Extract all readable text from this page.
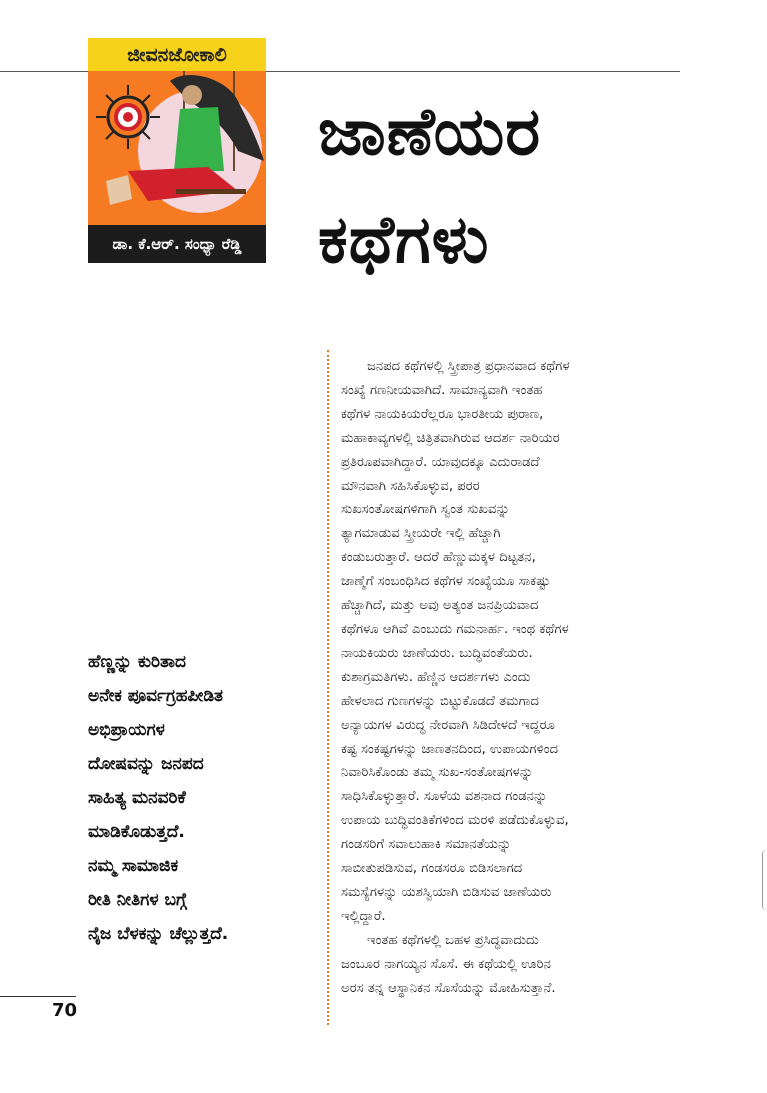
ಜೀವನಜೋಕಾಲಿ
ಡಾ. ಕೆ.ಆರ್. ಸಂಧ್ಯಾ ರೆಡ್ಡಿ
ಜಾಣೆಯರ
ಕಥೆಗಳು
ಹೆಣ್ಣನ್ನು ಕುರಿತಾದ
ಅನೇಕ ಪೂರ್ವಗ್ರಹಪೀಡಿತ
ಅಭಿಪ್ರಾಯಗಳ
ದೋಷವನ್ನು ಜನಪದ
ಸಾಹಿತ್ಯ ಮನವರಿಕೆ
ಮಾಡಿಕೊಡುತ್ತದೆ.
ನಮ್ಮ ಸಾಮಾಜಿಕ
ರೀತಿ ನೀತಿಗಳ ಬಗ್ಗೆ
ನೈಜ ಬೆಳಕನ್ನು ಚೆಲ್ಲುತ್ತದೆ.
ಜನಪದ ಕಥೆಗಳಲ್ಲಿ ಸ್ತ್ರೀಪಾತ್ರ ಪ್ರಧಾನವಾದ ಕಥೆಗಳ
ಸಂಖ್ಯೆ ಗಣನೀಯವಾಗಿದೆ. ಸಾಮಾನ್ಯವಾಗಿ ಇಂತಹ
ಕಥೆಗಳ ನಾಯಕಿಯರೆಲ್ಲರೂ ಭಾರತೀಯ ಪುರಾಣ,
ಮಹಾಕಾವ್ಯಗಳಲ್ಲಿ ಚಿತ್ರಿತವಾಗಿರುವ ಆದರ್ಶ ನಾರಿಯರ
ಪ್ರತಿರೂಪವಾಗಿದ್ದಾರೆ. ಯಾವುದಕ್ಕೂ ಎದುರಾಡದೆ
ಮೌನವಾಗಿ ಸಹಿಸಿಕೊಳ್ಳುವ, ಪರರ
ಸುಖಸಂತೋಷಗಳಿಗಾಗಿ ಸ್ವಂತ ಸುಖವನ್ನು
ತ್ಯಾಗಮಾಡುವ ಸ್ತ್ರೀಯರೇ ಇಲ್ಲಿ ಹೆಚ್ಚಾಗಿ
ಕಂಡುಬರುತ್ತಾರೆ. ಆದರೆ ಹೆಣ್ಣುಮಕ್ಕಳ ದಿಟ್ಟತನ,
ಜಾಣ್ಮೆಗೆ ಸಂಬಂಧಿಸಿದ ಕಥೆಗಳ ಸಂಖ್ಯೆಯೂ ಸಾಕಷ್ಟು
ಹೆಚ್ಚಾಗಿದೆ, ಮತ್ತು ಅವು ಅತ್ಯಂತ ಜನಪ್ರಿಯವಾದ
ಕಥೆಗಳೂ ಆಗಿವೆ ಎಂಬುದು ಗಮನಾರ್ಹ. ಇಂಥ ಕಥೆಗಳ
ನಾಯಕಿಯರು ಜಾಣೆಯರು. ಬುದ್ಧಿವಂತೆಯರು.
ಕುಶಾಗ್ರಮತಿಗಳು. ಹೆಣ್ಣಿನ ಆದರ್ಶಗಳು ಎಂದು
ಹೇಳಲಾದ ಗುಣಗಳನ್ನು ಬಿಟ್ಟುಕೊಡದೆ ತಮಗಾದ
ಅನ್ಯಾಯಗಳ ವಿರುದ್ಧ ನೇರವಾಗಿ ಸಿಡಿದೇಳದೆ ಇದ್ದರೂ
ಕಷ್ಟ ಸಂಕಷ್ಟಗಳನ್ನು ಜಾಣತನದಿಂದ, ಉಪಾಯಗಳಿಂದ
ನಿವಾರಿಸಿಕೊಂಡು ತಮ್ಮ ಸುಖ-ಸಂತೋಷಗಳನ್ನು
ಸಾಧಿಸಿಕೊಳ್ಳುತ್ತಾರೆ. ಸೂಳೆಯ ವಶನಾದ ಗಂಡನನ್ನು
ಉಪಾಯ ಬುದ್ಧಿವಂತಿಕೆಗಳಿಂದ ಮರಳಿ ಪಡೆದುಕೊಳ್ಳುವ,
ಗಂಡಸರಿಗೆ ಸವಾಲುಹಾಕಿ ಸಮಾನತೆಯನ್ನು
ಸಾಬೀತುಪಡಿಸುವ, ಗಂಡಸರೂ ಬಿಡಿಸಲಾಗದ
ಸಮಸ್ಯೆಗಳನ್ನು ಯಶಸ್ವಿಯಾಗಿ ಬಿಡಿಸುವ ಜಾಣೆಯರು
ಇಲ್ಲಿದ್ದಾರೆ.
ಇಂತಹ ಕಥೆಗಳಲ್ಲಿ ಬಹಳ ಪ್ರಸಿದ್ಧವಾದುದು
ಜಂಬೂರ ನಾಗಯ್ಯನ ಸೊಸೆ. ಈ ಕಥೆಯಲ್ಲಿ ಊರಿನ
ಅರಸ ತನ್ನ ಆಸ್ಥಾನಿಕನ ಸೊಸೆಯನ್ನು ಮೋಹಿಸುತ್ತಾನೆ.
70
